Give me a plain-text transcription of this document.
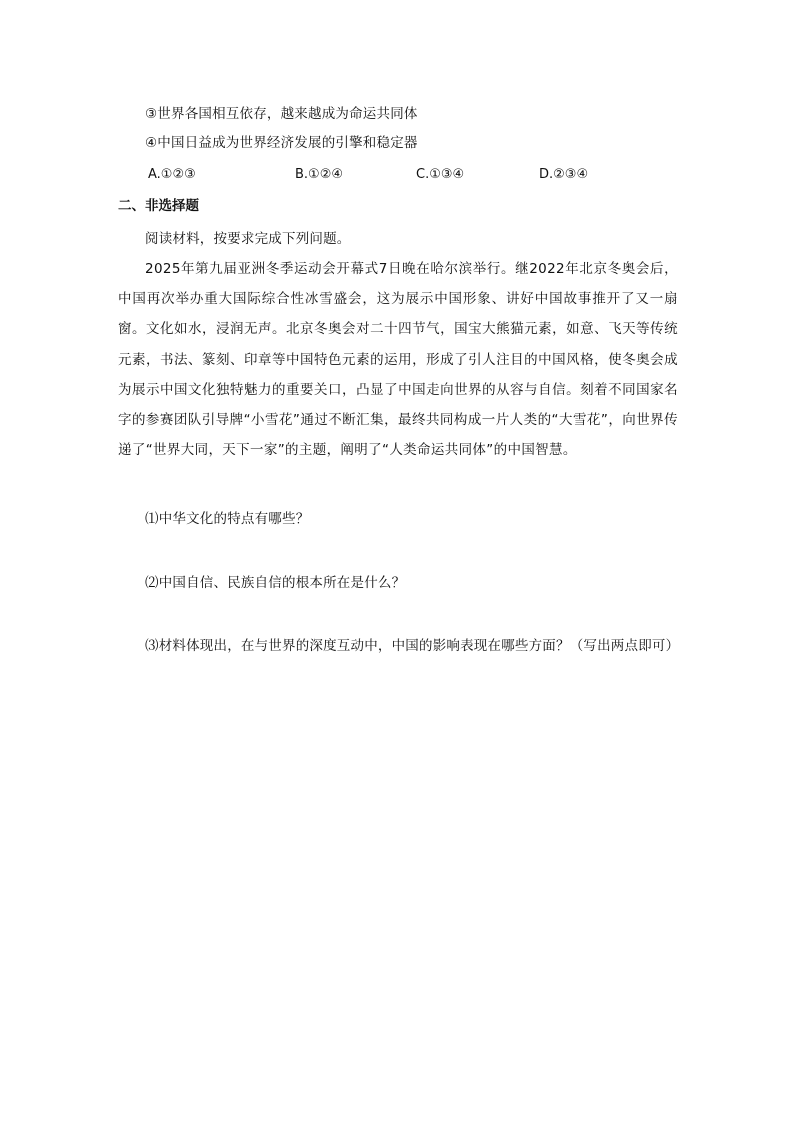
③世界各国相互依存，越来越成为命运共同体
④中国日益成为世界经济发展的引擎和稳定器
A.①②③	B.①②④	C.①③④	D.②③④
二、非选择题
阅读材料，按要求完成下列问题。
2025年第九届亚洲冬季运动会开幕式7日晚在哈尔滨举行。继2022年北京冬奥会后，中国再次举办重大国际综合性冰雪盛会，这为展示中国形象、讲好中国故事推开了又一扇窗。文化如水，浸润无声。北京冬奥会对二十四节气，国宝大熊猫元素，如意、飞天等传统元素，书法、篆刻、印章等中国特色元素的运用，形成了引人注目的中国风格，使冬奥会成为展示中国文化独特魅力的重要关口，凸显了中国走向世界的从容与自信。刻着不同国家名字的参赛团队引导牌“小雪花”通过不断汇集，最终共同构成一片人类的“大雪花”，向世界传递了“世界大同，天下一家”的主题，阐明了“人类命运共同体”的中国智慧。
⑴中华文化的特点有哪些？
⑵中国自信、民族自信的根本所在是什么？
⑶材料体现出，在与世界的深度互动中，中国的影响表现在哪些方面？（写出两点即可）
